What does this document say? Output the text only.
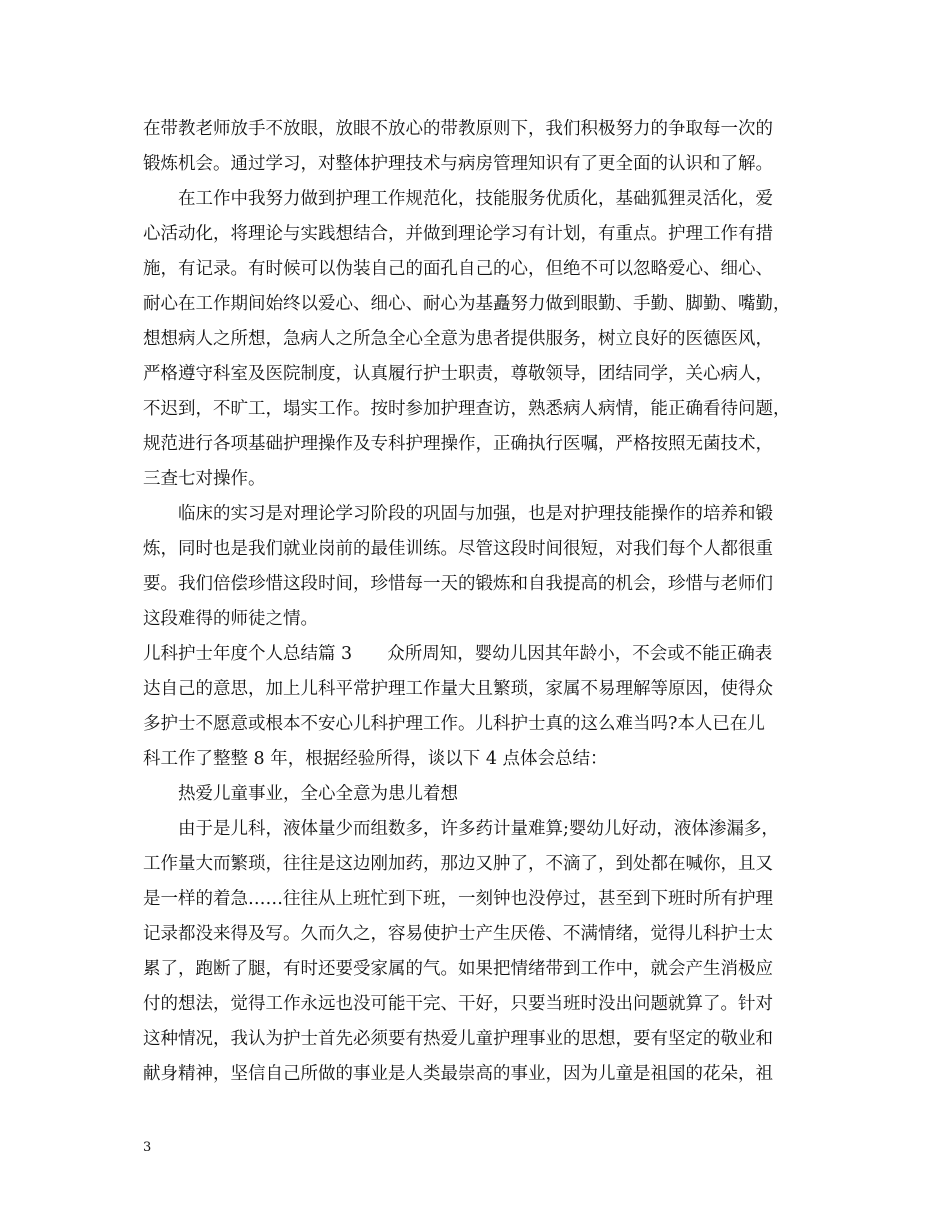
在带教老师放手不放眼，放眼不放心的带教原则下，我们积极努力的争取每一次的
锻炼机会。通过学习，对整体护理技术与病房管理知识有了更全面的认识和了解。
在工作中我努力做到护理工作规范化，技能服务优质化，基础狐狸灵活化，爱
心活动化，将理论与实践想结合，并做到理论学习有计划，有重点。护理工作有措
施，有记录。有时候可以伪装自己的面孔自己的心，但绝不可以忽略爱心、细心、
耐心在工作期间始终以爱心、细心、耐心为基矗努力做到眼勤、手勤、脚勤、嘴勤，
想想病人之所想，急病人之所急全心全意为患者提供服务，树立良好的医德医风，
严格遵守科室及医院制度，认真履行护士职责，尊敬领导，团结同学，关心病人，
不迟到，不旷工，塌实工作。按时参加护理查访，熟悉病人病情，能正确看待问题，
规范进行各项基础护理操作及专科护理操作，正确执行医嘱，严格按照无菌技术，
三查七对操作。
临床的实习是对理论学习阶段的巩固与加强，也是对护理技能操作的培养和锻
炼，同时也是我们就业岗前的最佳训练。尽管这段时间很短，对我们每个人都很重
要。我们倍偿珍惜这段时间，珍惜每一天的锻炼和自我提高的机会，珍惜与老师们
这段难得的师徒之情。
儿科护士年度个人总结篇 3　　众所周知，婴幼儿因其年龄小，不会或不能正确表
达自己的意思，加上儿科平常护理工作量大且繁琐，家属不易理解等原因，使得众
多护士不愿意或根本不安心儿科护理工作。儿科护士真的这么难当吗?本人已在儿
科工作了整整 8 年，根据经验所得，谈以下 4 点体会总结：
热爱儿童事业，全心全意为患儿着想
由于是儿科，液体量少而组数多，许多药计量难算;婴幼儿好动，液体渗漏多，
工作量大而繁琐，往往是这边刚加药，那边又肿了，不滴了，到处都在喊你，且又
是一样的着急……往往从上班忙到下班，一刻钟也没停过，甚至到下班时所有护理
记录都没来得及写。久而久之，容易使护士产生厌倦、不满情绪，觉得儿科护士太
累了，跑断了腿，有时还要受家属的气。如果把情绪带到工作中，就会产生消极应
付的想法，觉得工作永远也没可能干完、干好，只要当班时没出问题就算了。针对
这种情况，我认为护士首先必须要有热爱儿童护理事业的思想，要有坚定的敬业和
献身精神，坚信自己所做的事业是人类最崇高的事业，因为儿童是祖国的花朵，祖
3
